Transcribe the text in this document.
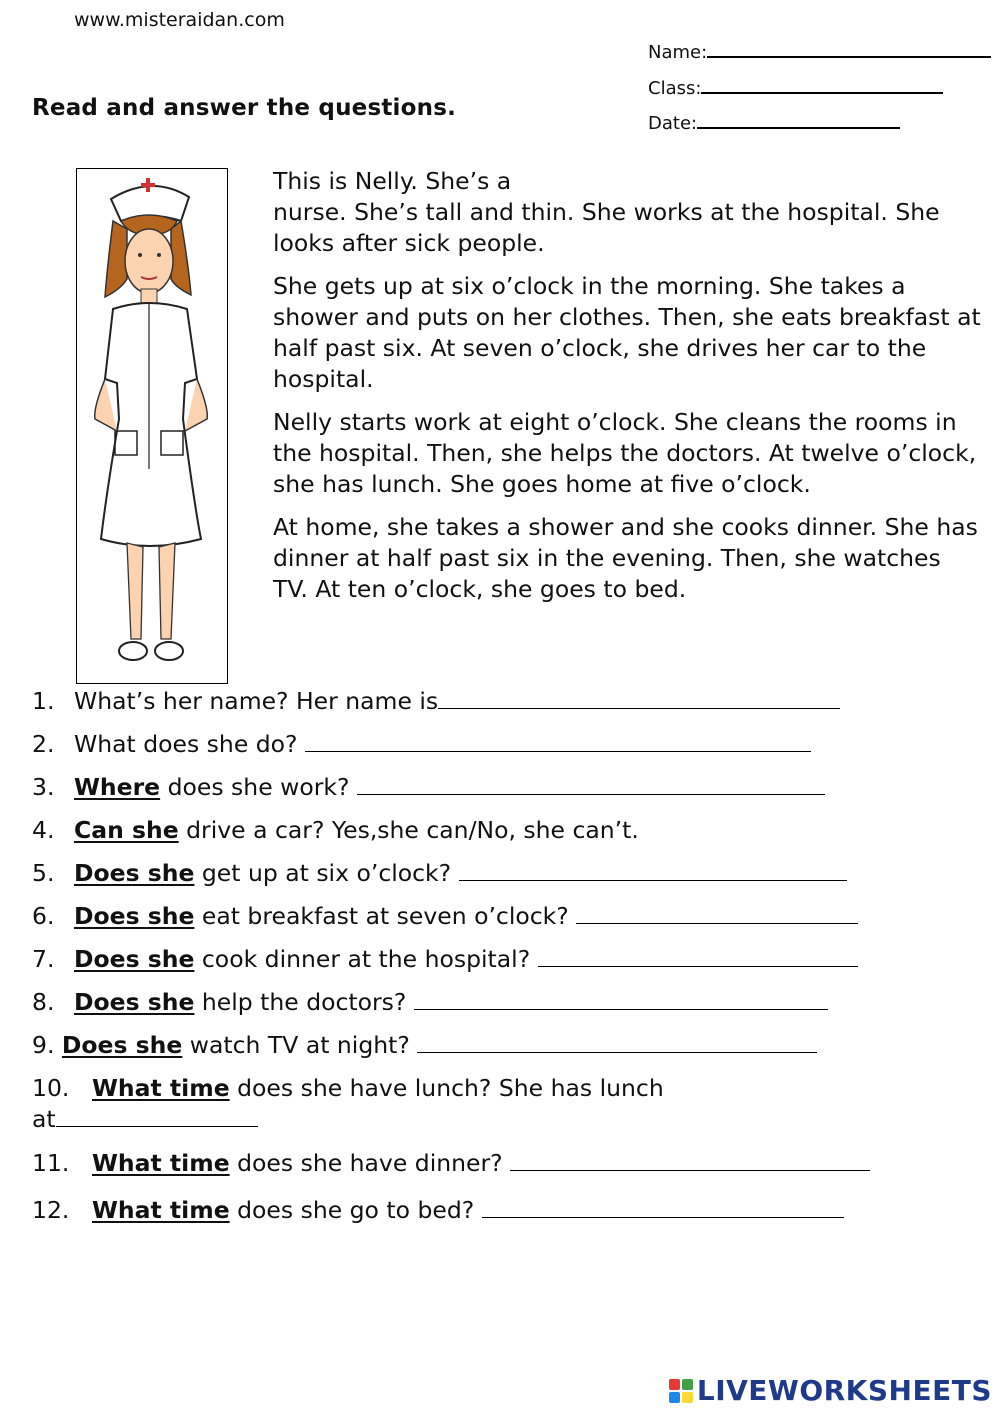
www.misteraidan.com
Read and answer the questions.
Name:
Class:
Date:

This is Nelly. She’s a
nurse. She’s tall and thin. She works at the hospital. She looks after sick people.

She gets up at six o’clock in the morning. She takes a shower and puts on her clothes. Then, she eats breakfast at half past six. At seven o’clock, she drives her car to the hospital.

Nelly starts work at eight o’clock. She cleans the rooms in the hospital. Then, she helps the doctors. At twelve o’clock, she has lunch. She goes home at five o’clock.

At home, she takes a shower and she cooks dinner. She has dinner at half past six in the evening. Then, she watches TV. At ten o’clock, she goes to bed.

1. What’s her name? Her name is
2. What does she do?
3. Where does she work?
4. Can she drive a car? Yes,she can/No, she can’t.
5. Does she get up at six o’clock?
6. Does she eat breakfast at seven o’clock?
7. Does she cook dinner at the hospital?
8. Does she help the doctors?
9. Does she watch TV at night?
10. What time does she have lunch? She has lunch
at
11. What time does she have dinner?
12. What time does she go to bed?
LIVEWORKSHEETS
